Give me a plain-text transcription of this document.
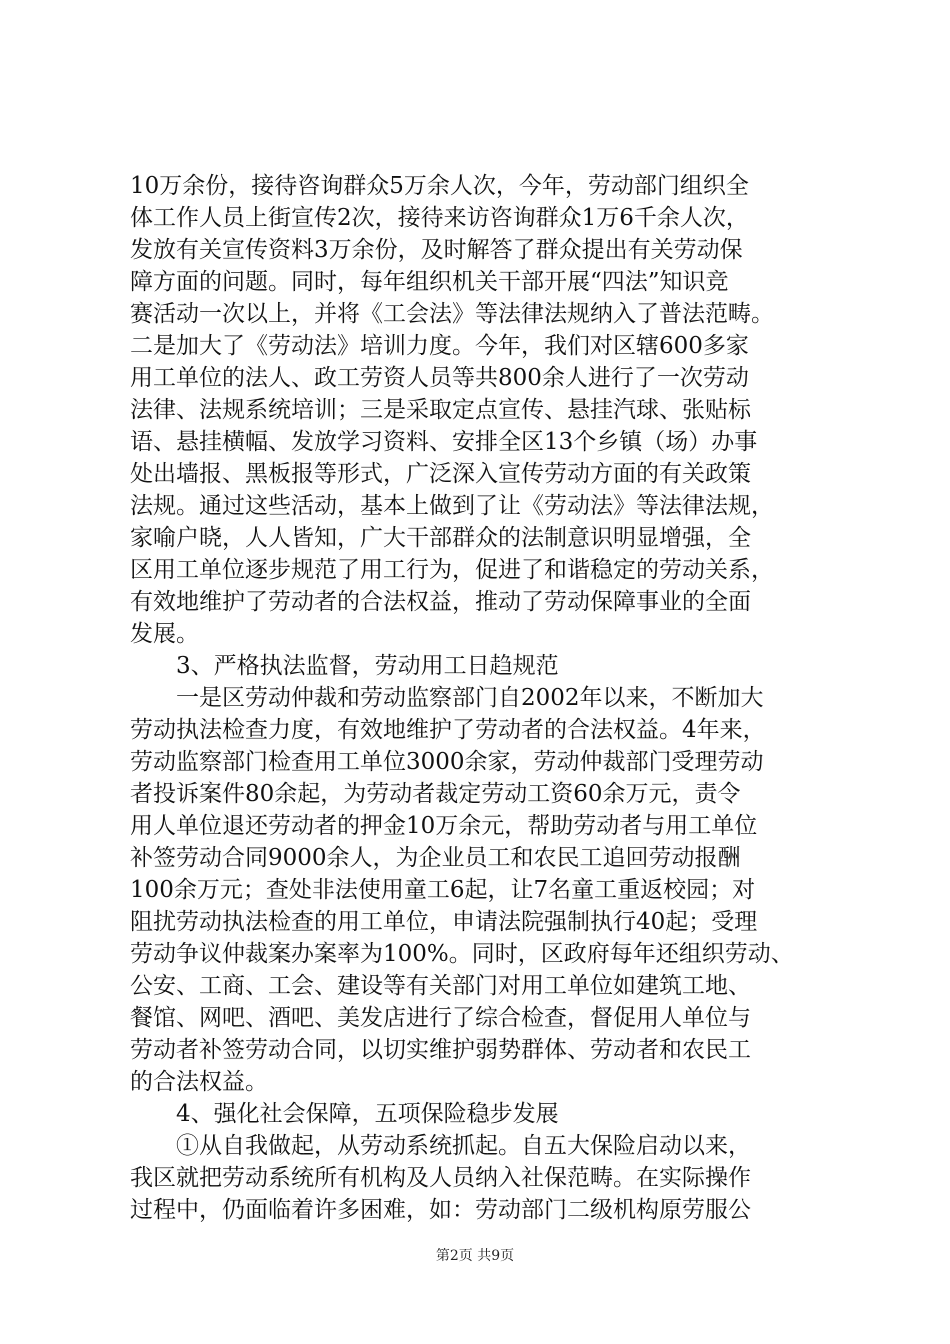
10万余份，接待咨询群众5万余人次，今年，劳动部门组织全
体工作人员上街宣传2次，接待来访咨询群众1万6千余人次，
发放有关宣传资料3万余份，及时解答了群众提出有关劳动保
障方面的问题。同时，每年组织机关干部开展“四法”知识竞
赛活动一次以上，并将《工会法》等法律法规纳入了普法范畴。
二是加大了《劳动法》培训力度。今年，我们对区辖600多家
用工单位的法人、政工劳资人员等共800余人进行了一次劳动
法律、法规系统培训；三是采取定点宣传、悬挂汽球、张贴标
语、悬挂横幅、发放学习资料、安排全区13个乡镇（场）办事
处出墙报、黑板报等形式，广泛深入宣传劳动方面的有关政策
法规。通过这些活动，基本上做到了让《劳动法》等法律法规，
家喻户晓，人人皆知，广大干部群众的法制意识明显增强，全
区用工单位逐步规范了用工行为，促进了和谐稳定的劳动关系，
有效地维护了劳动者的合法权益，推动了劳动保障事业的全面
发展。
3、严格执法监督，劳动用工日趋规范
一是区劳动仲裁和劳动监察部门自2002年以来，不断加大
劳动执法检查力度，有效地维护了劳动者的合法权益。4年来，
劳动监察部门检查用工单位3000余家，劳动仲裁部门受理劳动
者投诉案件80余起，为劳动者裁定劳动工资60余万元，责令
用人单位退还劳动者的押金10万余元，帮助劳动者与用工单位
补签劳动合同9000余人，为企业员工和农民工追回劳动报酬
100余万元；查处非法使用童工6起，让7名童工重返校园；对
阻扰劳动执法检查的用工单位，申请法院强制执行40起；受理
劳动争议仲裁案办案率为100%。同时，区政府每年还组织劳动、
公安、工商、工会、建设等有关部门对用工单位如建筑工地、
餐馆、网吧、酒吧、美发店进行了综合检查，督促用人单位与
劳动者补签劳动合同，以切实维护弱势群体、劳动者和农民工
的合法权益。
4、强化社会保障，五项保险稳步发展
①从自我做起，从劳动系统抓起。自五大保险启动以来，
我区就把劳动系统所有机构及人员纳入社保范畴。在实际操作
过程中，仍面临着许多困难，如：劳动部门二级机构原劳服公
第2页 共9页
